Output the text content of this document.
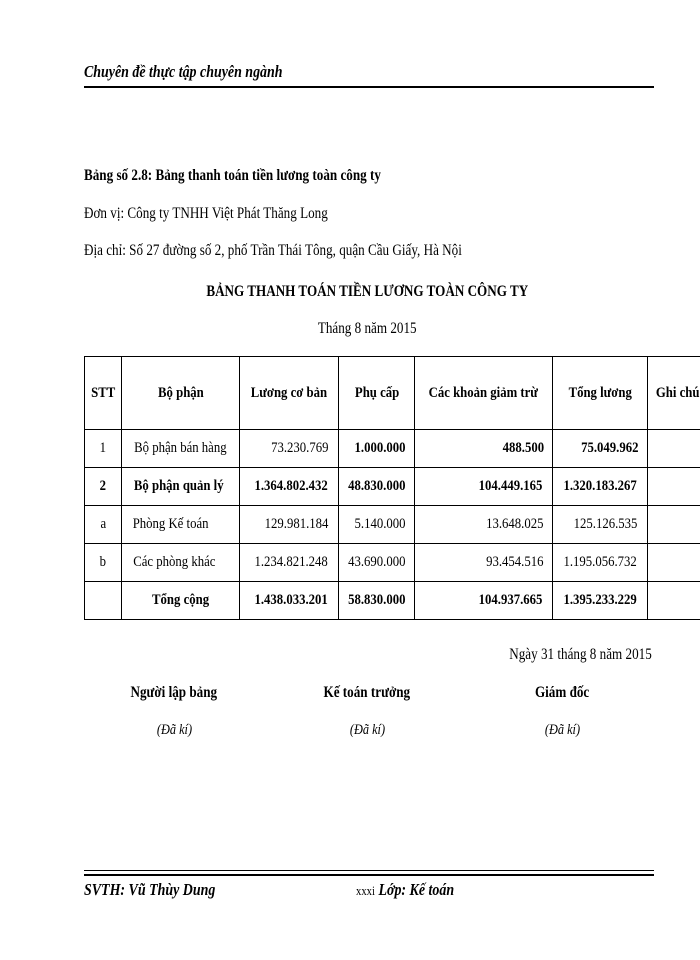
Chuyên đề thực tập chuyên ngành
Bảng số 2.8: Bảng thanh toán tiền lương toàn công ty
Đơn vị: Công ty TNHH Việt Phát Thăng Long
Địa chỉ: Số 27 đường số 2, phố Trần Thái Tông, quận Cầu Giấy, Hà Nội
BẢNG THANH TOÁN TIỀN LƯƠNG TOÀN CÔNG TY
Tháng 8 năm 2015
STT	Bộ phận	Lương cơ bản	Phụ cấp	Các khoản giảm trừ	Tổng lương	Ghi chú
1	Bộ phận bán hàng	73.230.769	1.000.000	488.500	75.049.962	
2	Bộ phận quản lý	1.364.802.432	48.830.000	104.449.165	1.320.183.267	
a	Phòng Kế toán	129.981.184	5.140.000	13.648.025	125.126.535	
b	Các phòng khác	1.234.821.248	43.690.000	93.454.516	1.195.056.732	
	Tổng cộng	1.438.033.201	58.830.000	104.937.665	1.395.233.229	
Ngày 31 tháng 8 năm 2015
Người lập bảng
(Đã kí)
Kế toán trưởng
(Đã kí)
Giám đốc
(Đã kí)
SVTH: Vũ Thùy Dung	xxxi Lớp: Kế toán
